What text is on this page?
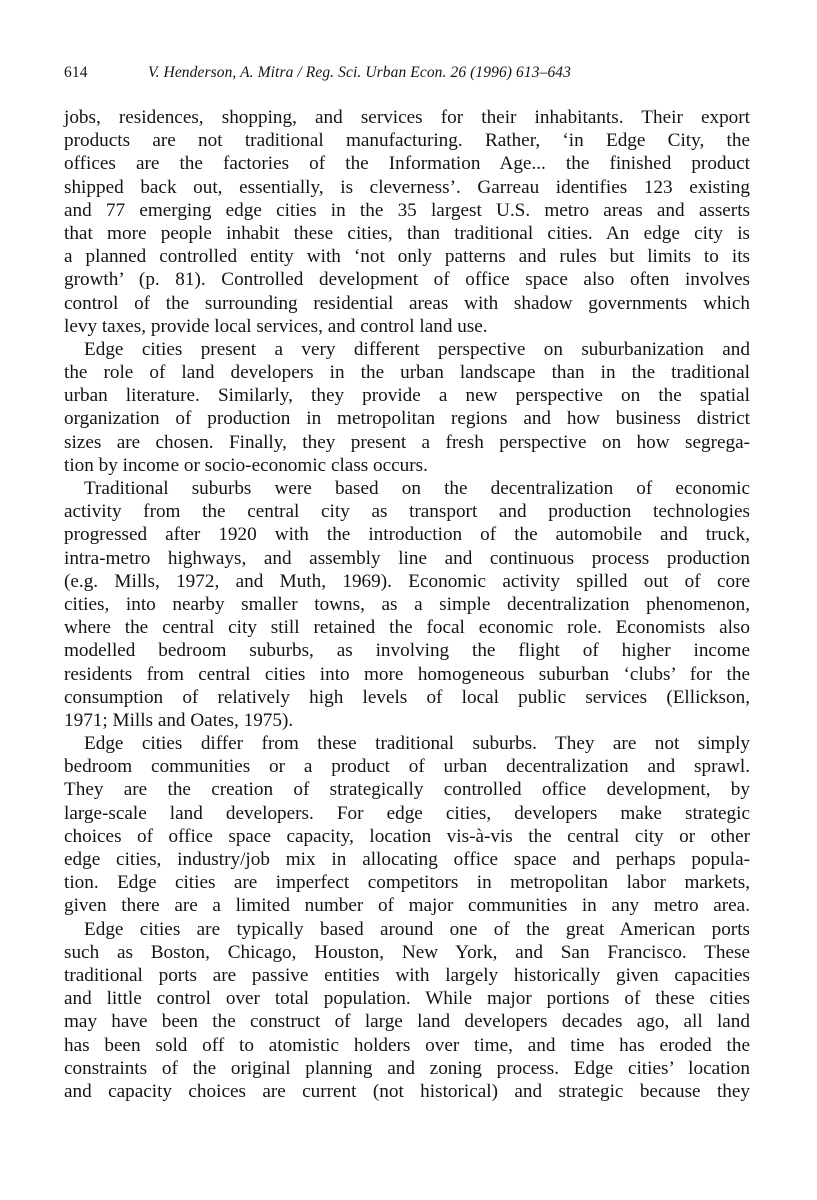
614	V. Henderson, A. Mitra / Reg. Sci. Urban Econ. 26 (1996) 613–643

jobs, residences, shopping, and services for their inhabitants. Their export
products are not traditional manufacturing. Rather, ‘in Edge City, the
offices are the factories of the Information Age... the finished product
shipped back out, essentially, is cleverness’. Garreau identifies 123 existing
and 77 emerging edge cities in the 35 largest U.S. metro areas and asserts
that more people inhabit these cities, than traditional cities. An edge city is
a planned controlled entity with ‘not only patterns and rules but limits to its
growth’ (p. 81). Controlled development of office space also often involves
control of the surrounding residential areas with shadow governments which
levy taxes, provide local services, and control land use.

Edge cities present a very different perspective on suburbanization and
the role of land developers in the urban landscape than in the traditional
urban literature. Similarly, they provide a new perspective on the spatial
organization of production in metropolitan regions and how business district
sizes are chosen. Finally, they present a fresh perspective on how segrega-
tion by income or socio-economic class occurs.

Traditional suburbs were based on the decentralization of economic
activity from the central city as transport and production technologies
progressed after 1920 with the introduction of the automobile and truck,
intra-metro highways, and assembly line and continuous process production
(e.g. Mills, 1972, and Muth, 1969). Economic activity spilled out of core
cities, into nearby smaller towns, as a simple decentralization phenomenon,
where the central city still retained the focal economic role. Economists also
modelled bedroom suburbs, as involving the flight of higher income
residents from central cities into more homogeneous suburban ‘clubs’ for the
consumption of relatively high levels of local public services (Ellickson,
1971; Mills and Oates, 1975).

Edge cities differ from these traditional suburbs. They are not simply
bedroom communities or a product of urban decentralization and sprawl.
They are the creation of strategically controlled office development, by
large-scale land developers. For edge cities, developers make strategic
choices of office space capacity, location vis-à-vis the central city or other
edge cities, industry/job mix in allocating office space and perhaps popula-
tion. Edge cities are imperfect competitors in metropolitan labor markets,
given there are a limited number of major communities in any metro area.

Edge cities are typically based around one of the great American ports
such as Boston, Chicago, Houston, New York, and San Francisco. These
traditional ports are passive entities with largely historically given capacities
and little control over total population. While major portions of these cities
may have been the construct of large land developers decades ago, all land
has been sold off to atomistic holders over time, and time has eroded the
constraints of the original planning and zoning process. Edge cities’ location
and capacity choices are current (not historical) and strategic because they
